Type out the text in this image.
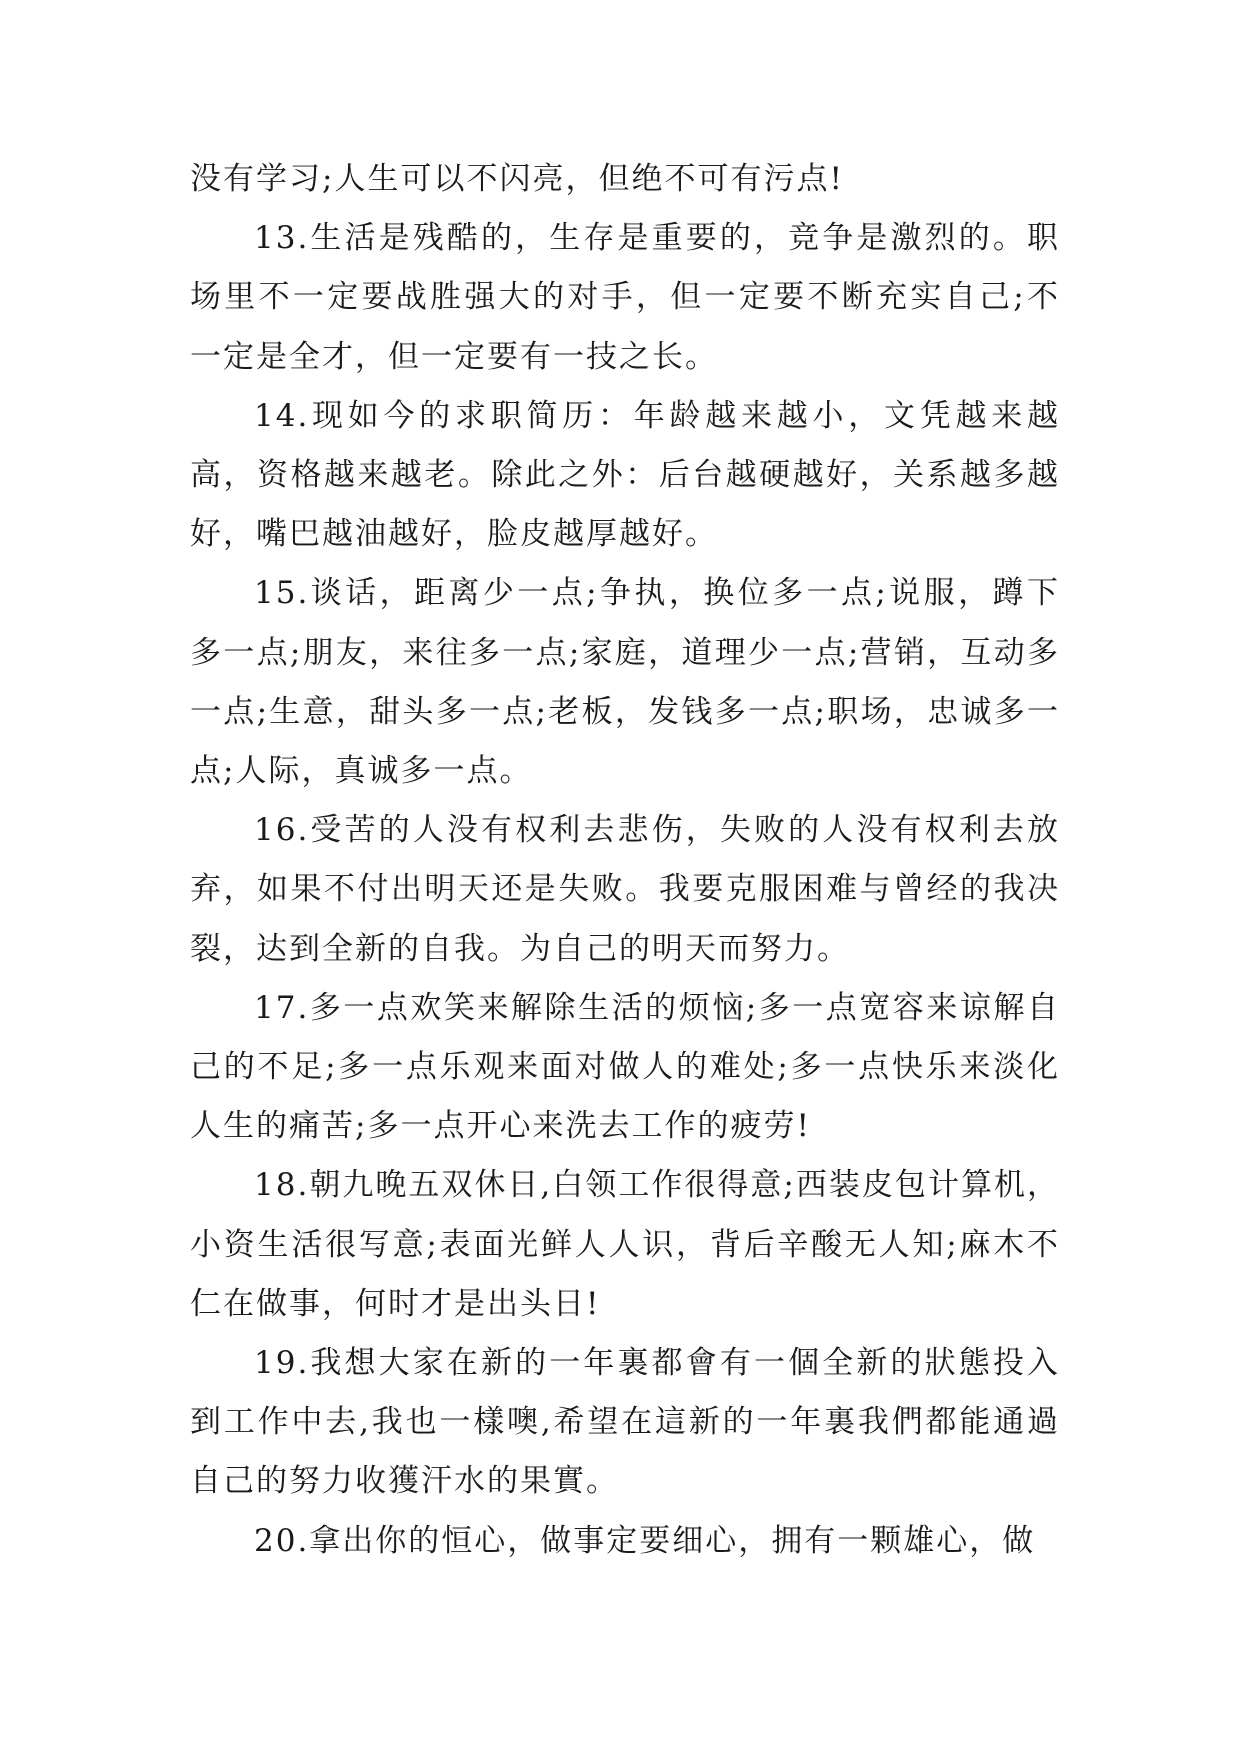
没有学习;人生可以不闪亮，但绝不可有污点!

13.生活是残酷的，生存是重要的，竞争是激烈的。职场里不一定要战胜强大的对手，但一定要不断充实自己;不一定是全才，但一定要有一技之长。

14.现如今的求职简历：年龄越来越小，文凭越来越高，资格越来越老。除此之外：后台越硬越好，关系越多越好，嘴巴越油越好，脸皮越厚越好。

15.谈话，距离少一点;争执，换位多一点;说服，蹲下多一点;朋友，来往多一点;家庭，道理少一点;营销，互动多一点;生意，甜头多一点;老板，发钱多一点;职场，忠诚多一点;人际，真诚多一点。

16.受苦的人没有权利去悲伤，失败的人没有权利去放弃，如果不付出明天还是失败。我要克服困难与曾经的我决裂，达到全新的自我。为自己的明天而努力。

17.多一点欢笑来解除生活的烦恼;多一点宽容来谅解自己的不足;多一点乐观来面对做人的难处;多一点快乐来淡化人生的痛苦;多一点开心来洗去工作的疲劳!

18.朝九晚五双休日,白领工作很得意;西装皮包计算机，小资生活很写意;表面光鲜人人识，背后辛酸无人知;麻木不仁在做事，何时才是出头日!

19.我想大家在新的一年裏都會有一個全新的狀態投入到工作中去,我也一樣噢,希望在這新的一年裏我們都能通過自己的努力收獲汗水的果實。

20.拿出你的恒心，做事定要细心，拥有一颗雄心，做
